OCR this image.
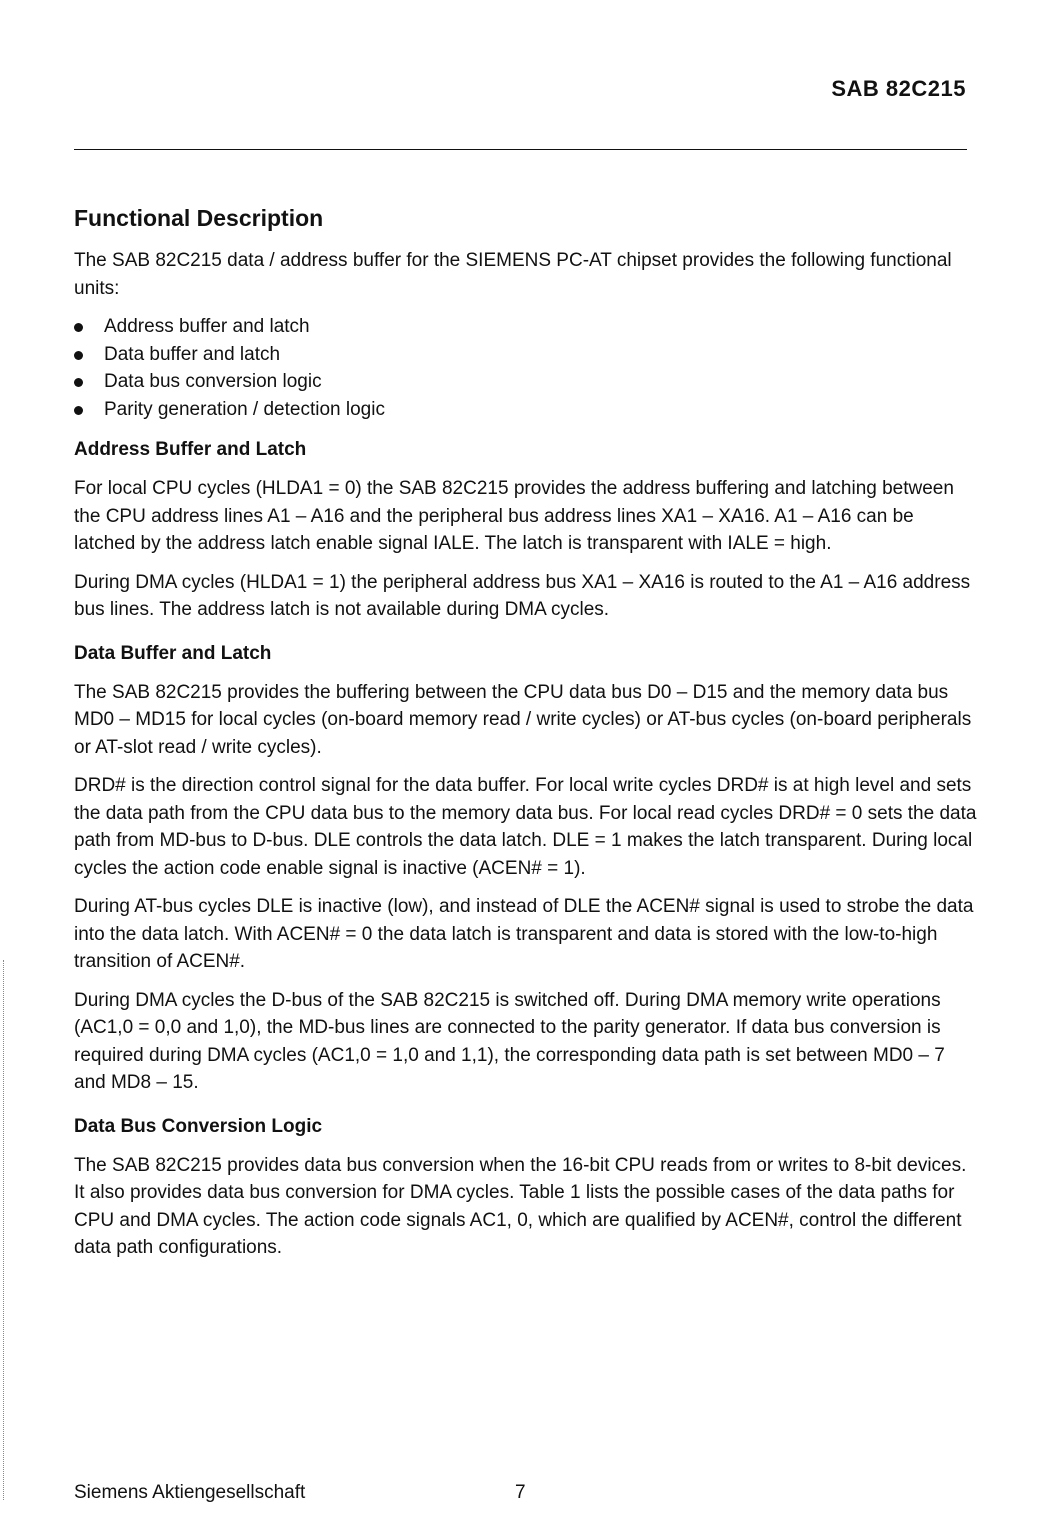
SAB 82C215
Functional Description
The SAB 82C215 data / address buffer for the SIEMENS PC-AT chipset provides the following functional units:
Address buffer and latch
Data buffer and latch
Data bus conversion logic
Parity generation / detection logic
Address Buffer and Latch
For local CPU cycles (HLDA1 = 0) the SAB 82C215 provides the address buffering and latching between the CPU address lines A1 – A16 and the peripheral bus address lines XA1 – XA16. A1 – A16 can be latched by the address latch enable signal IALE. The latch is transparent with IALE = high.
During DMA cycles (HLDA1 = 1) the peripheral address bus XA1 – XA16 is routed to the A1 – A16 address bus lines. The address latch is not available during DMA cycles.
Data Buffer and Latch
The SAB 82C215 provides the buffering between the CPU data bus D0 – D15 and the memory data bus MD0 – MD15 for local cycles (on-board memory read / write cycles) or AT-bus cycles (on-board peripherals or AT-slot read / write cycles).
DRD# is the direction control signal for the data buffer. For local write cycles DRD# is at high level and sets the data path from the CPU data bus to the memory data bus. For local read cycles DRD# = 0 sets the data path from MD-bus to D-bus. DLE controls the data latch. DLE = 1 makes the latch transparent. During local cycles the action code enable signal is inactive (ACEN# = 1).
During AT-bus cycles DLE is inactive (low), and instead of DLE the ACEN# signal is used to strobe the data into the data latch. With ACEN# = 0 the data latch is transparent and data is stored with the low-to-high transition of ACEN#.
During DMA cycles the D-bus of the SAB 82C215 is switched off. During DMA memory write operations (AC1,0 = 0,0 and 1,0), the MD-bus lines are connected to the parity generator. If data bus conversion is required during DMA cycles (AC1,0 = 1,0 and 1,1), the corresponding data path is set between MD0 – 7 and MD8 – 15.
Data Bus Conversion Logic
The SAB 82C215 provides data bus conversion when the 16-bit CPU reads from or writes to 8-bit devices. It also provides data bus conversion for DMA cycles. Table 1 lists the possible cases of the data paths for CPU and DMA cycles. The action code signals AC1, 0, which are qualified by ACEN#, control the different data path configurations.
Siemens Aktiengesellschaft	7
